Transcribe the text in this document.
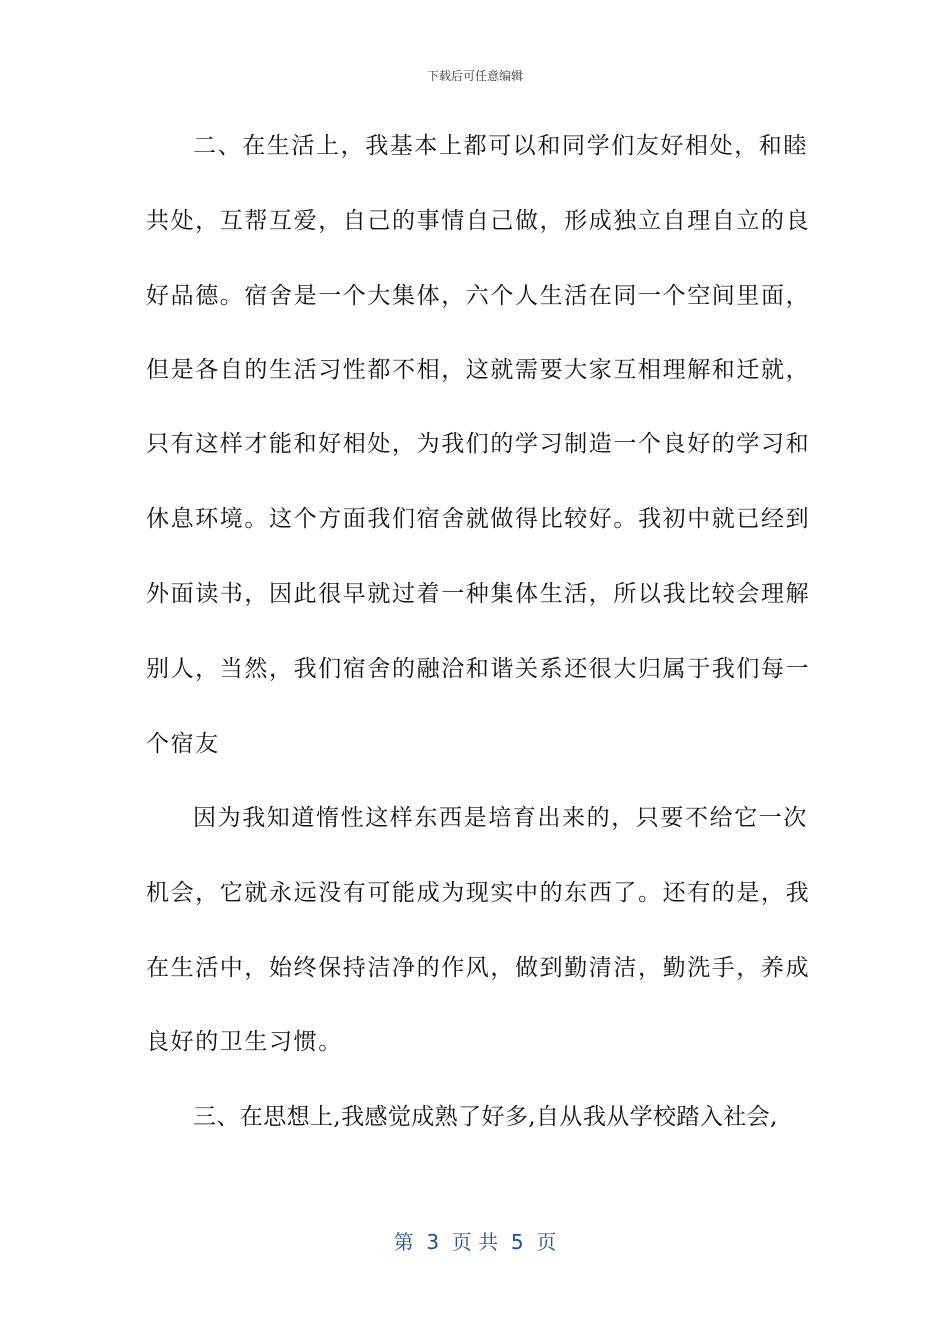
下载后可任意编辑
二、在生活上，我基本上都可以和同学们友好相处，和睦
共处，互帮互爱，自己的事情自己做，形成独立自理自立的良
好品德。宿舍是一个大集体，六个人生活在同一个空间里面，
但是各自的生活习性都不相，这就需要大家互相理解和迁就，
只有这样才能和好相处，为我们的学习制造一个良好的学习和
休息环境。这个方面我们宿舍就做得比较好。我初中就已经到
外面读书，因此很早就过着一种集体生活，所以我比较会理解
别人，当然，我们宿舍的融洽和谐关系还很大归属于我们每一
个宿友
因为我知道惰性这样东西是培育出来的，只要不给它一次
机会，它就永远没有可能成为现实中的东西了。还有的是，我
在生活中，始终保持洁净的作风，做到勤清洁，勤洗手，养成
良好的卫生习惯。
三、在思想上,我感觉成熟了好多,自从我从学校踏入社会,
第  3  页 共  5  页
